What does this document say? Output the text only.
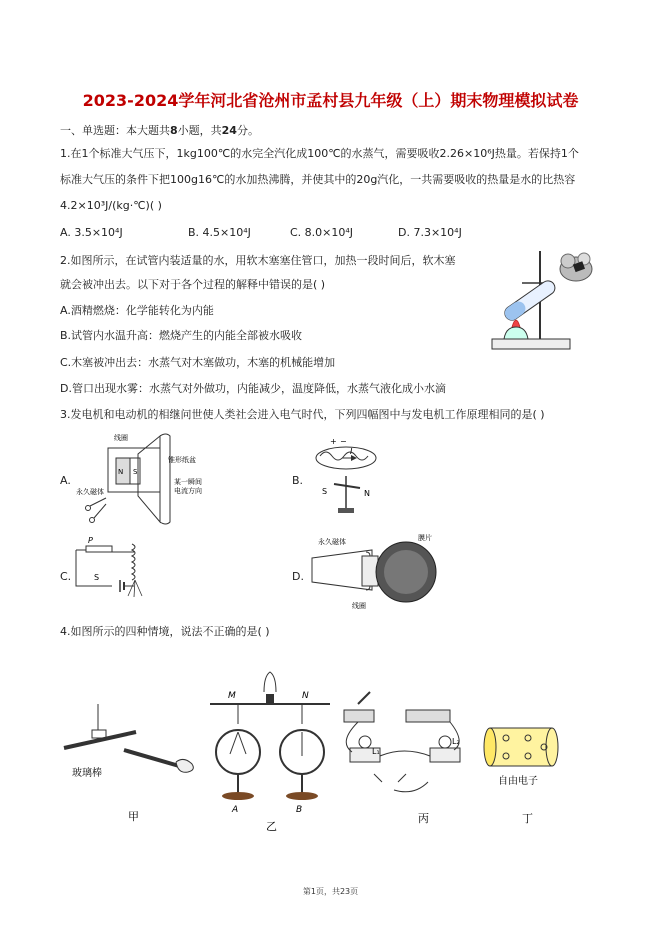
2023-2024学年河北省沧州市孟村县九年级（上）期末物理模拟试卷
一、单选题：本大题共8小题，共24分。
1.在1个标准大气压下，1kg100℃的水完全汽化成100℃的水蒸气，需要吸收2.26×10⁶J热量。若保持1个
标准大气压的条件下把100g16℃的水加热沸腾，并使其中的20g汽化，一共需要吸收的热量是水的比热容
4.2×10³J/(kg·℃)( )
A. 3.5×10⁴J	B. 4.5×10⁴J	C. 8.0×10⁴J	D. 7.3×10⁴J
2.如图所示，在试管内装适量的水，用软木塞塞住管口，加热一段时间后，软木塞
就会被冲出去。以下对于各个过程的解释中错误的是( )
A.酒精燃烧：化学能转化为内能
B.试管内水温升高：燃烧产生的内能全部被水吸收
C.木塞被冲出去：水蒸气对木塞做功，木塞的机械能增加
D.管口出现水雾：水蒸气对外做功，内能减少，温度降低，水蒸气液化成小水滴
3.发电机和电动机的相继问世使人类社会进入电气时代，下列四幅图中与发电机工作原理相同的是( )
A.
线圈
锥形纸盆
永久磁体
N S
某一瞬间
电流方向
B.
+ −
I
S	N
C.
P
S	D.
永久磁体	膜片
线圈
4.如图所示的四种情境，说法不正确的是( )
玻璃棒
甲
M	N
A	B
乙
L₁
L₂
丙
自由电子
丁
第1页，共23页
